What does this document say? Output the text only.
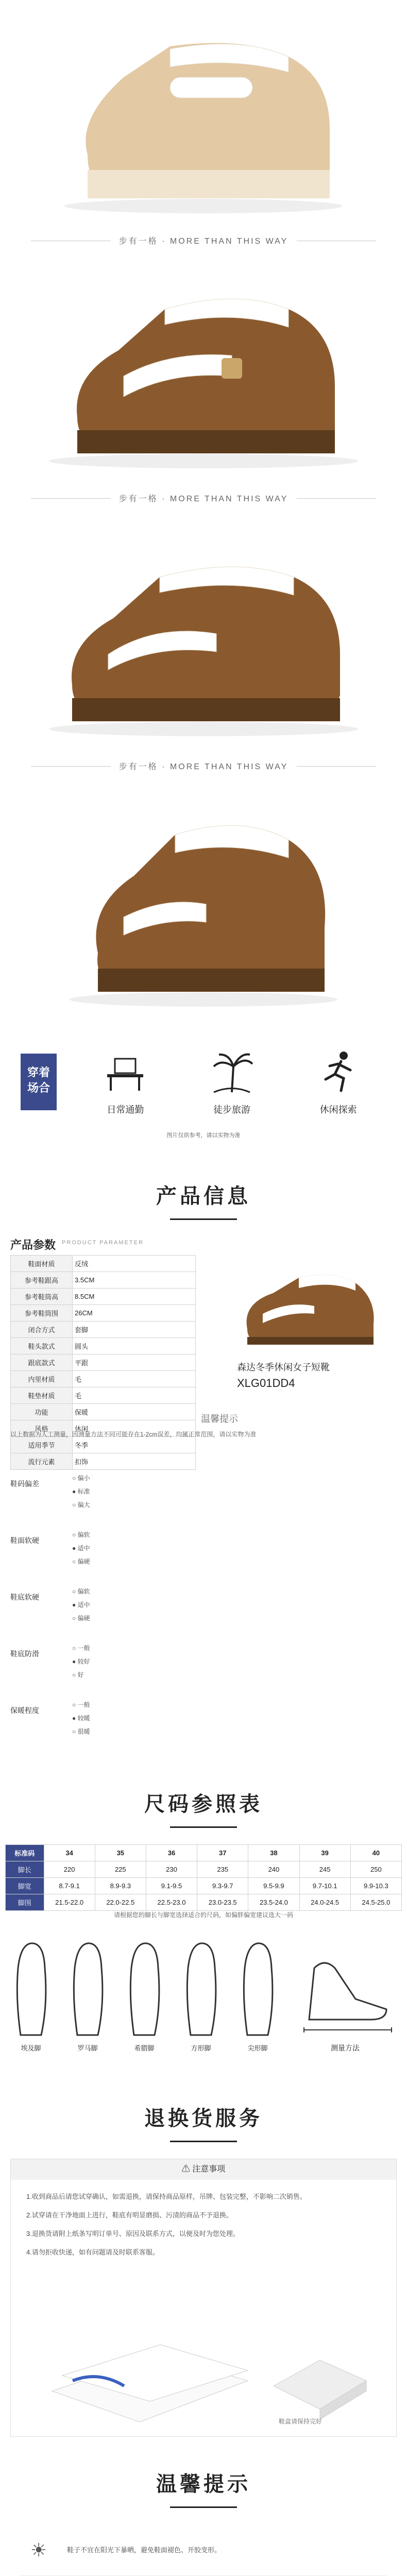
步有一格 · MORE THAN THIS WAY
步有一格 · MORE THAN THIS WAY
步有一格 · MORE THAN THIS WAY
穿着
场合
日常通勤	徒步旅游	休闲探索
图片仅供参考，请以实物为准
产品信息
产品参数 PRODUCT PARAMETER
鞋面材质	反绒
参考鞋跟高	3.5CM
参考鞋筒高	8.5CM
参考鞋筒围	26CM
闭合方式	套脚
鞋头款式	圆头
跟底款式	平跟
内里材质	毛
鞋垫材质	毛
功能	保暖
风格	休闲
适用季节	冬季
流行元素	扣饰
森达冬季休闲女子短靴
XLG01DD4
温馨提示
以上数据为人工测量，因测量方法不同可能存在1-2cm误差，均属正常范围，请以实物为准
鞋码偏差
○ 偏小
● 标准
○ 偏大
鞋面软硬
○ 偏软
● 适中
○ 偏硬
鞋底软硬
○ 偏软
● 适中
○ 偏硬
鞋底防滑
○ 一般
● 较好
○ 好
保暖程度
○ 一般
● 较暖
○ 很暖
尺码参照表
标准码	34	35	36	37	38	39	40
脚长	220	225	230	235	240	245	250
脚宽	8.7-9.1	8.9-9.3	9.1-9.5	9.3-9.7	9.5-9.9	9.7-10.1	9.9-10.3
脚围	21.5-22.0	22.0-22.5	22.5-23.0	23.0-23.5	23.5-24.0	24.0-24.5	24.5-25.0
请根据您的脚长与脚宽选择适合的尺码，如偏胖偏宽建议选大一码
埃及脚	罗马脚	希腊脚	方形脚	尖形脚	测量方法
退换货服务
⚠ 注意事项

1.收到商品后请您试穿确认，如需退换，请保持商品原样，吊牌、包装完整，不影响二次销售。

2.试穿请在干净地面上进行，鞋底有明显磨损、污渍的商品不予退换。

3.退换货请附上纸条写明订单号、原因及联系方式，以便及时为您处理。

4.请勿拒收快递，如有问题请及时联系客服。

鞋盒请保持完好
温馨提示
☀	鞋子不宜在阳光下暴晒，避免鞋面褪色、开胶变形。
